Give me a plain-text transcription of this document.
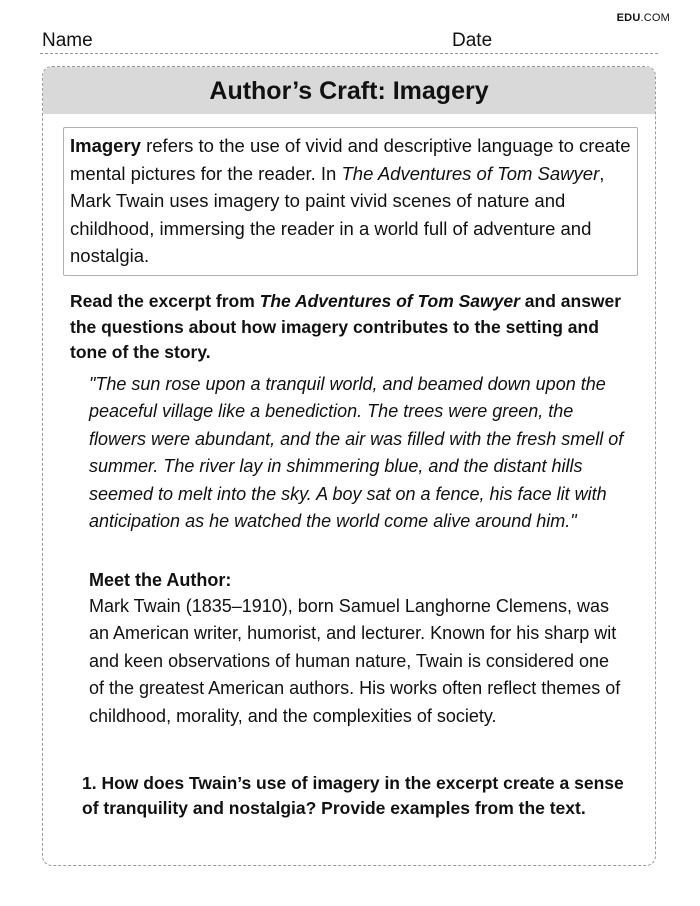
EDU.COM
Name	Date
Author’s Craft: Imagery
Imagery refers to the use of vivid and descriptive language to create mental pictures for the reader. In The Adventures of Tom Sawyer, Mark Twain uses imagery to paint vivid scenes of nature and childhood, immersing the reader in a world full of adventure and nostalgia.
Read the excerpt from The Adventures of Tom Sawyer and answer the questions about how imagery contributes to the setting and tone of the story.
"The sun rose upon a tranquil world, and beamed down upon the peaceful village like a benediction. The trees were green, the flowers were abundant, and the air was filled with the fresh smell of summer. The river lay in shimmering blue, and the distant hills seemed to melt into the sky. A boy sat on a fence, his face lit with anticipation as he watched the world come alive around him."
Meet the Author:
Mark Twain (1835–1910), born Samuel Langhorne Clemens, was an American writer, humorist, and lecturer. Known for his sharp wit and keen observations of human nature, Twain is considered one of the greatest American authors. His works often reflect themes of childhood, morality, and the complexities of society.
1. How does Twain’s use of imagery in the excerpt create a sense of tranquility and nostalgia? Provide examples from the text.
